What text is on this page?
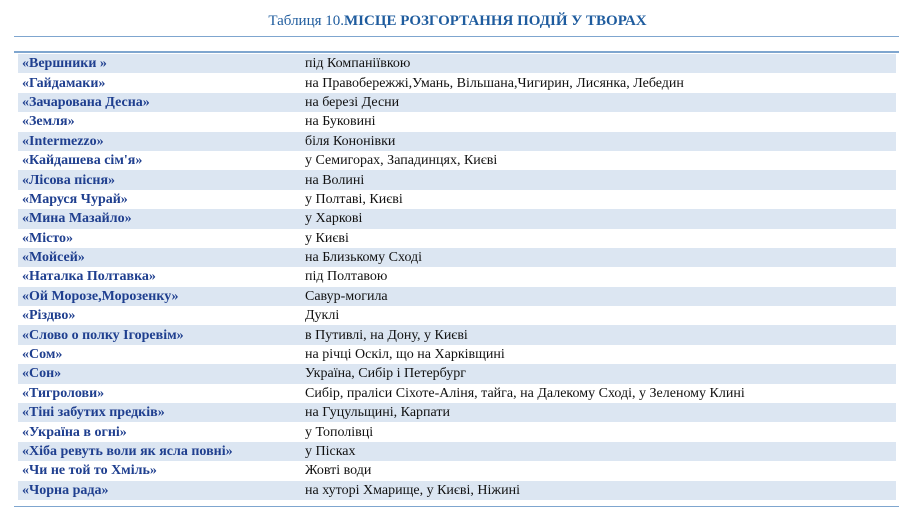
Таблиця 10.МІСЦЕ РОЗГОРТАННЯ ПОДІЙ У ТВОРАХ
«Вершники »	під Компаніївкою
«Гайдамаки»	на Правобережжі,Умань, Вільшана,Чигирин, Лисянка, Лебедин
«Зачарована Десна»	на березі Десни
«Земля»	на Буковині
«Intermezzo»	біля Кононівки
«Кайдашева сім'я»	у Семигорах, Западинцях, Києві
«Лісова пісня»	на Волині
«Маруся Чурай»	у Полтаві, Києві
«Мина Мазайло»	у Харкові
«Місто»	у Києві
«Мойсей»	на Близькому Сході
«Наталка Полтавка»	під Полтавою
«Ой Морозе,Морозенку»	Савур-могила
«Різдво»	Дуклі
«Слово о полку Ігоревім»	в Путивлі, на Дону, у Києві
«Сом»	на річці Оскіл, що на Харківщині
«Сон»	Україна, Сибір і Петербург
«Тигролови»	Сибір, праліси Сіхоте-Аліня, тайга, на Далекому Сході, у Зеленому Клині
«Тіні забутих предків»	на Гуцульщині, Карпати
«Україна в огні»	у Тополівці
«Хіба ревуть воли як ясла повні»	у Пісках
«Чи не той то Хміль»	Жовті води
«Чорна рада»	на хуторі Хмарище, у Києві, Ніжині
